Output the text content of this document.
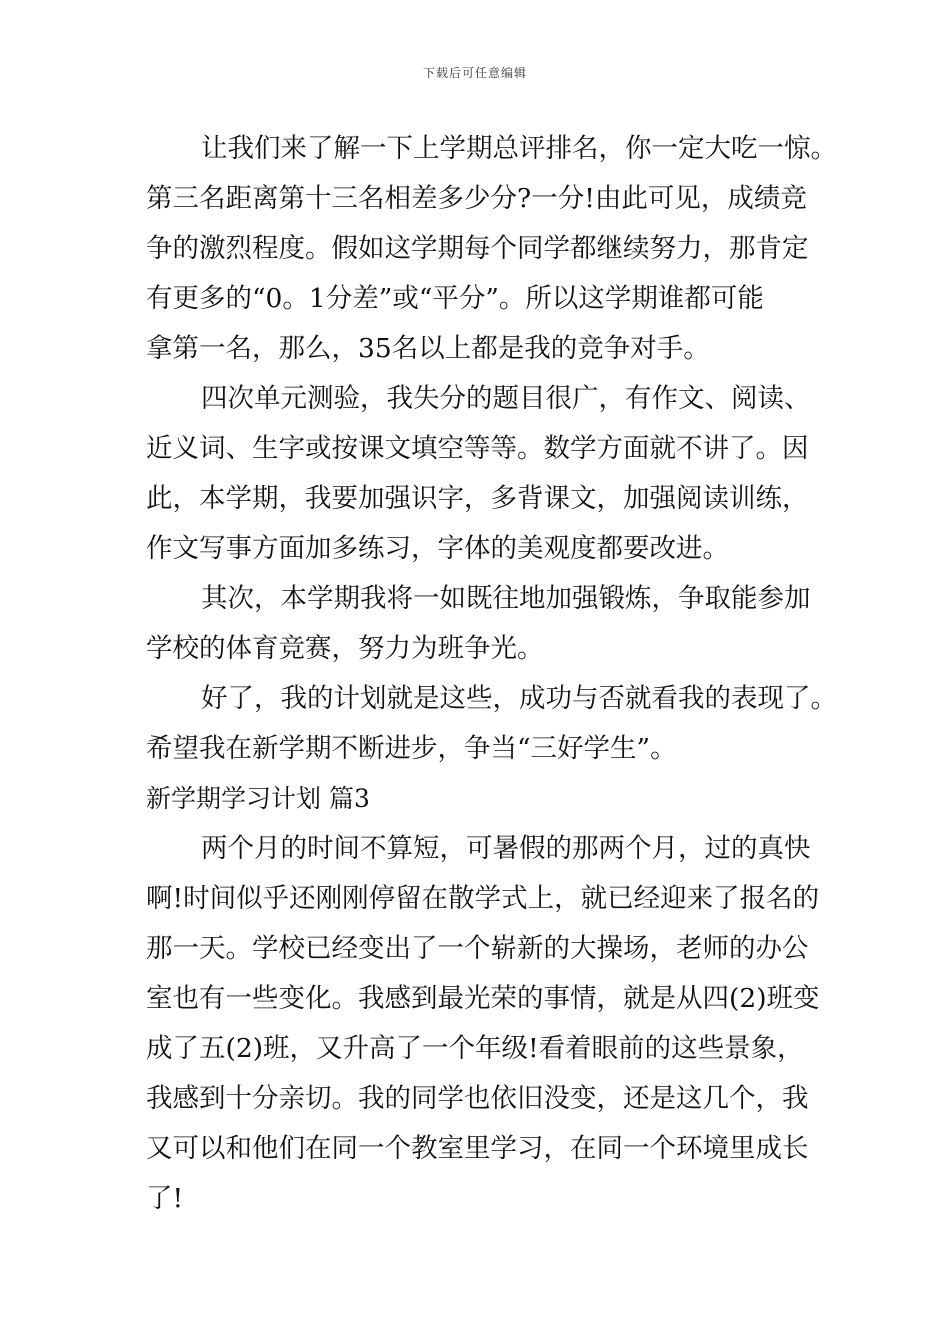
下载后可任意编辑
让我们来了解一下上学期总评排名，你一定大吃一惊。
第三名距离第十三名相差多少分?一分!由此可见，成绩竞
争的激烈程度。假如这学期每个同学都继续努力，那肯定
有更多的“0。1分差”或“平分”。所以这学期谁都可能
拿第一名，那么，35名以上都是我的竞争对手。
四次单元测验，我失分的题目很广，有作文、阅读、
近义词、生字或按课文填空等等。数学方面就不讲了。因
此，本学期，我要加强识字，多背课文，加强阅读训练，
作文写事方面加多练习，字体的美观度都要改进。
其次，本学期我将一如既往地加强锻炼，争取能参加
学校的体育竞赛，努力为班争光。
好了，我的计划就是这些，成功与否就看我的表现了。
希望我在新学期不断进步，争当“三好学生”。
新学期学习计划 篇3
两个月的时间不算短，可暑假的那两个月，过的真快
啊!时间似乎还刚刚停留在散学式上，就已经迎来了报名的
那一天。学校已经变出了一个崭新的大操场，老师的办公
室也有一些变化。我感到最光荣的事情，就是从四(2)班变
成了五(2)班，又升高了一个年级!看着眼前的这些景象，
我感到十分亲切。我的同学也依旧没变，还是这几个，我
又可以和他们在同一个教室里学习，在同一个环境里成长
了!
